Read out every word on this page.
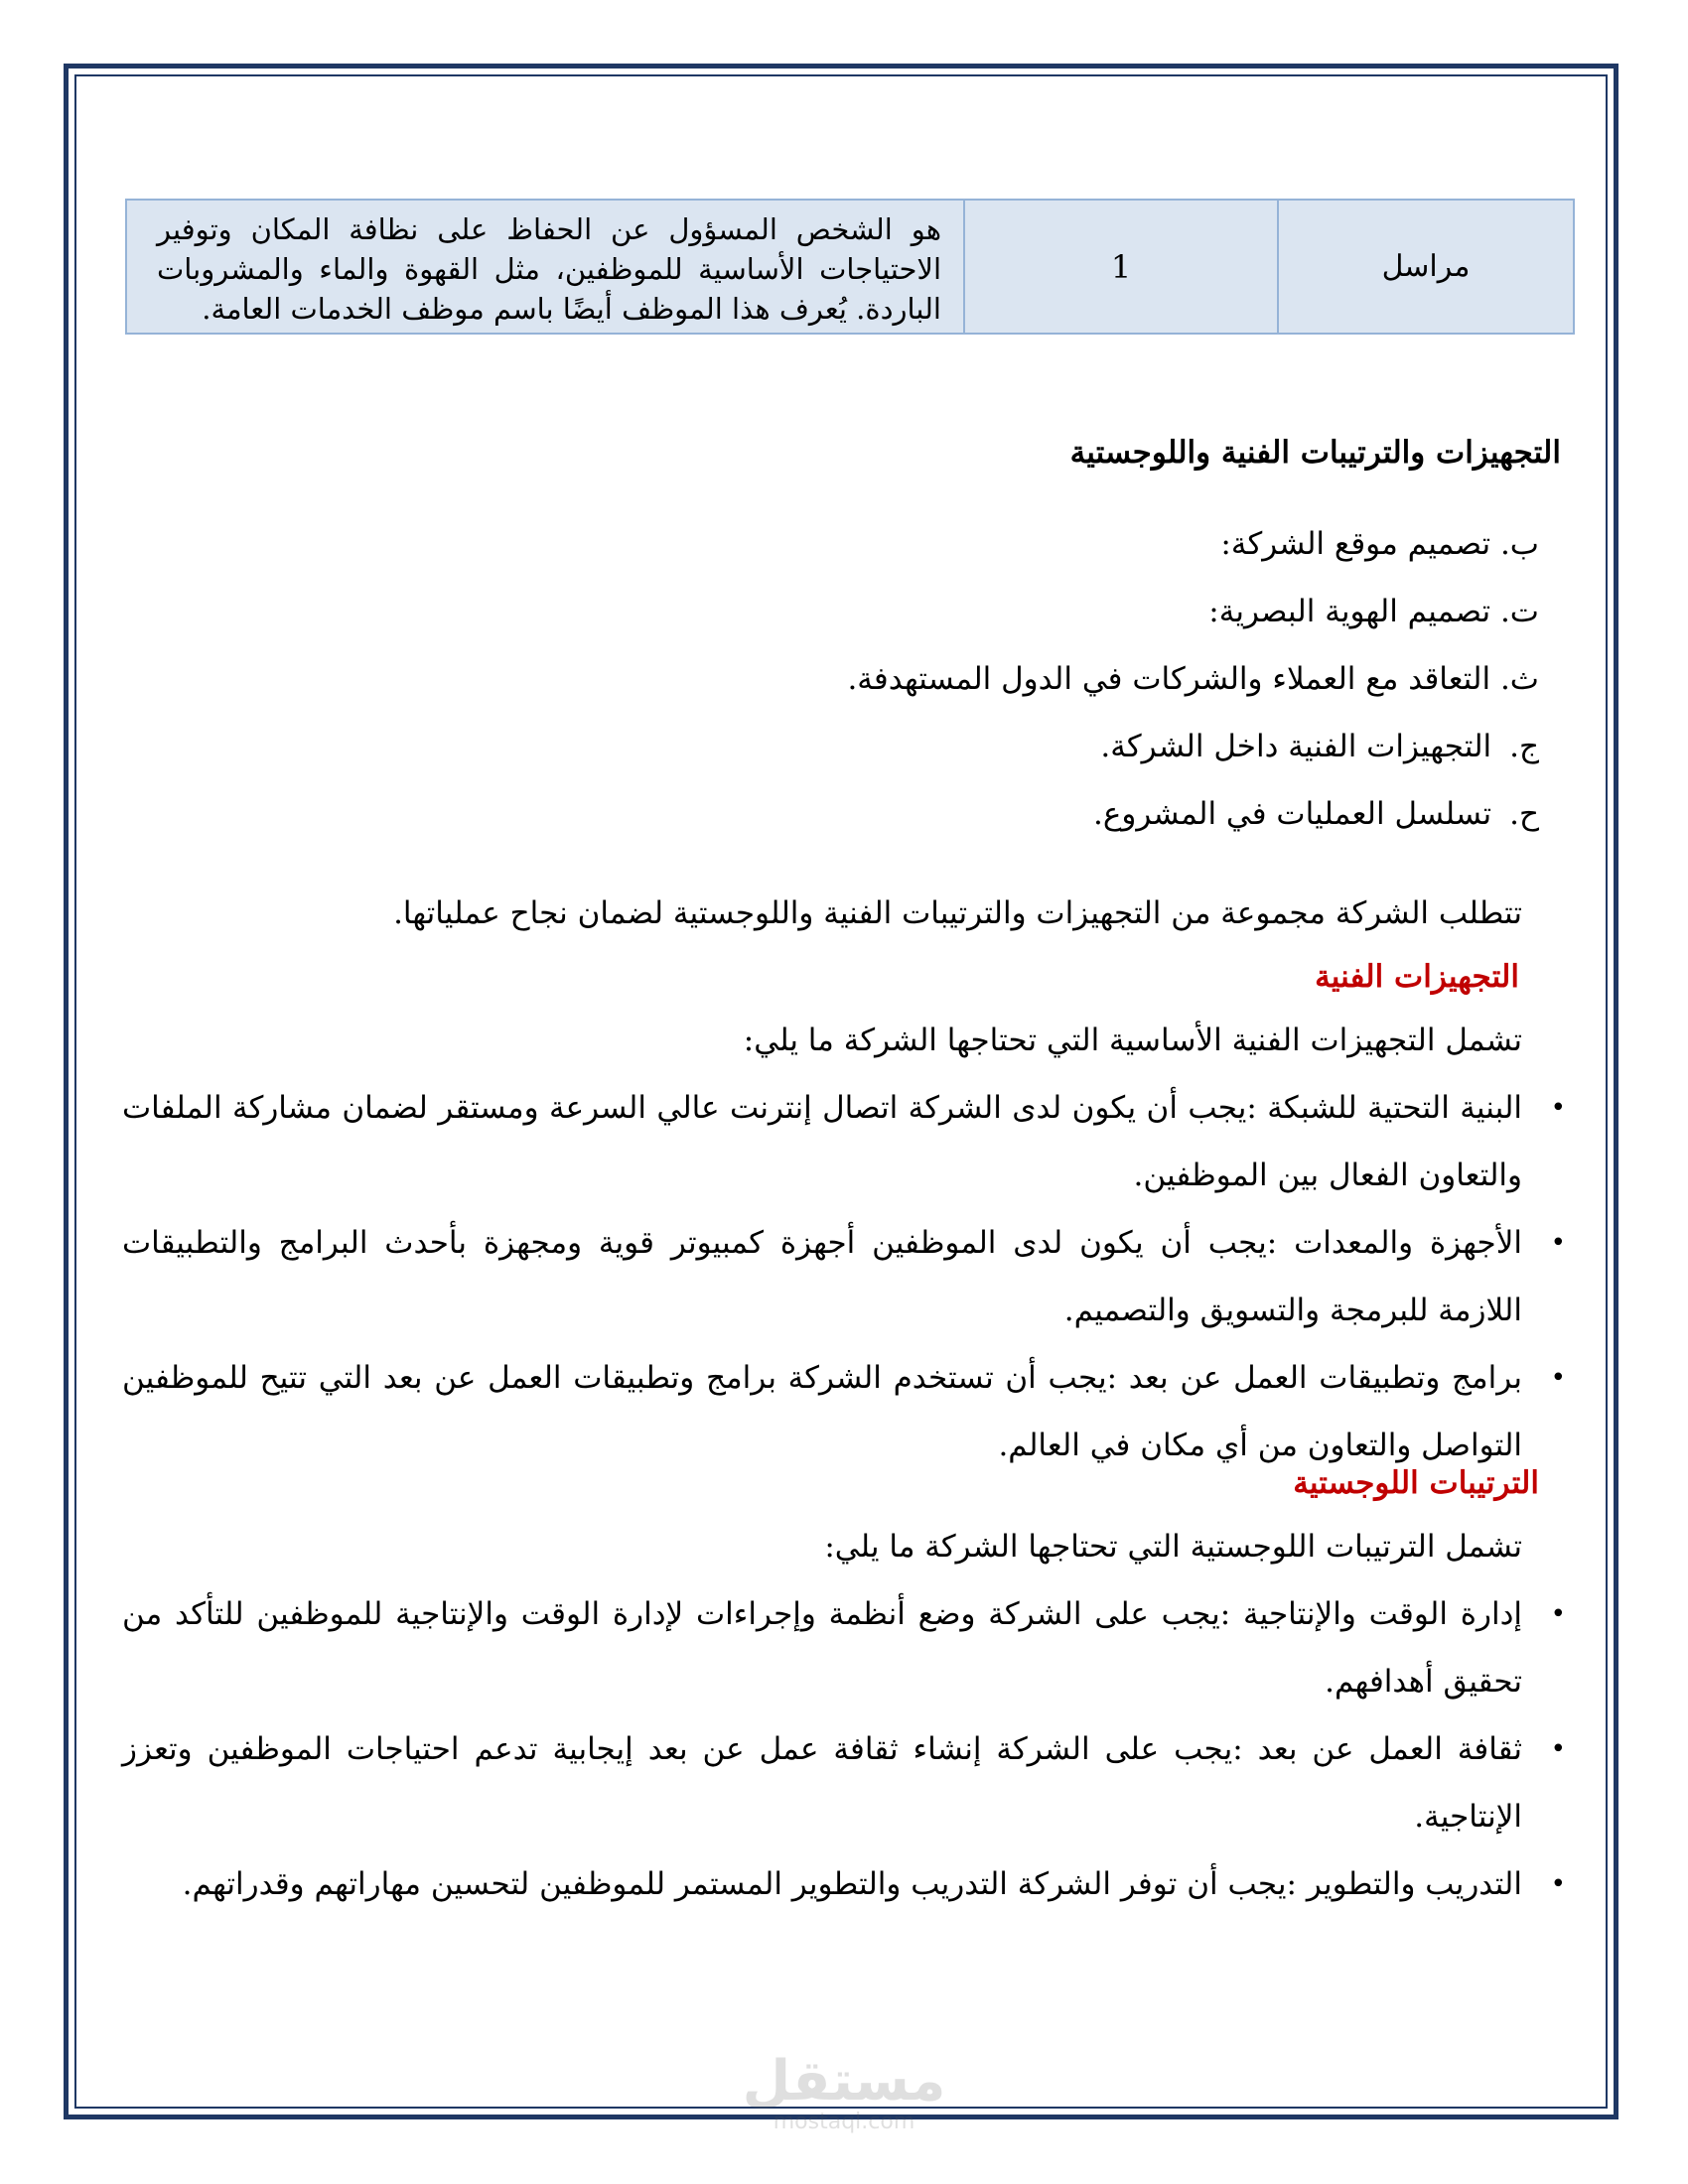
مراسل	1	هو الشخص المسؤول عن الحفاظ على نظافة المكان وتوفير الاحتياجات الأساسية للموظفين، مثل القهوة والماء والمشروبات الباردة. يُعرف هذا الموظف أيضًا باسم موظف الخدمات العامة.
التجهيزات والترتيبات الفنية واللوجستية
ب. تصميم موقع الشركة:
ت. تصميم الهوية البصرية:
ث. التعاقد مع العملاء والشركات في الدول المستهدفة.
ج. التجهيزات الفنية داخل الشركة.
ح. تسلسل العمليات في المشروع.
تتطلب الشركة مجموعة من التجهيزات والترتيبات الفنية واللوجستية لضمان نجاح عملياتها.
التجهيزات الفنية
تشمل التجهيزات الفنية الأساسية التي تحتاجها الشركة ما يلي:
•
البنية التحتية للشبكة :يجب أن يكون لدى الشركة اتصال إنترنت عالي السرعة ومستقر لضمان مشاركة الملفات والتعاون الفعال بين الموظفين.
•
الأجهزة والمعدات :يجب أن يكون لدى الموظفين أجهزة كمبيوتر قوية ومجهزة بأحدث البرامج والتطبيقات اللازمة للبرمجة والتسويق والتصميم.
•
برامج وتطبيقات العمل عن بعد :يجب أن تستخدم الشركة برامج وتطبيقات العمل عن بعد التي تتيح للموظفين التواصل والتعاون من أي مكان في العالم.
الترتيبات اللوجستية
تشمل الترتيبات اللوجستية التي تحتاجها الشركة ما يلي:
•
إدارة الوقت والإنتاجية :يجب على الشركة وضع أنظمة وإجراءات لإدارة الوقت والإنتاجية للموظفين للتأكد من تحقيق أهدافهم.
•
ثقافة العمل عن بعد :يجب على الشركة إنشاء ثقافة عمل عن بعد إيجابية تدعم احتياجات الموظفين وتعزز الإنتاجية.
•
التدريب والتطوير :يجب أن توفر الشركة التدريب والتطوير المستمر للموظفين لتحسين مهاراتهم وقدراتهم.
مستقل
mostaql.com
